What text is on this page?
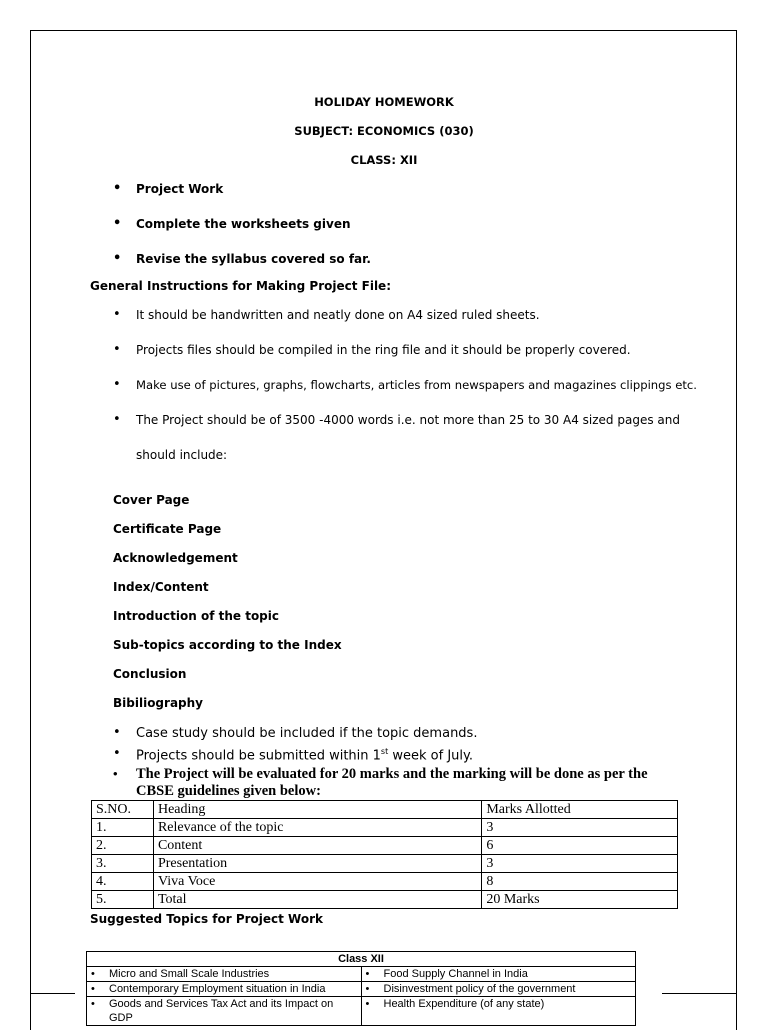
HOLIDAY HOMEWORK
SUBJECT: ECONOMICS (030)
CLASS: XII
• Project Work
• Complete the worksheets given
• Revise the syllabus covered so far.
General Instructions for Making Project File:
• It should be handwritten and neatly done on A4 sized ruled sheets.
• Projects files should be compiled in the ring file and it should be properly covered.
• Make use of pictures, graphs, flowcharts, articles from newspapers and magazines clippings etc.
• The Project should be of 3500 -4000 words i.e. not more than 25 to 30 A4 sized pages and
should include:
Cover Page
Certificate Page
Acknowledgement
Index/Content
Introduction of the topic
Sub-topics according to the Index
Conclusion
Bibiliography
• Case study should be included if the topic demands.
• Projects should be submitted within 1st week of July.
• The Project will be evaluated for 20 marks and the marking will be done as per the
CBSE guidelines given below:
S.NO.	Heading	Marks Allotted
1.	Relevance of the topic	3
2.	Content	6
3.	Presentation	3
4.	Viva Voce	8
5.	Total	20 Marks
Suggested Topics for Project Work
Class XII	
• Micro and Small Scale Industries	• Food Supply Channel in India
• Contemporary Employment situation in India	• Disinvestment policy of the government
• Goods and Services Tax Act and its Impact on GDP	• Health Expenditure (of any state)
